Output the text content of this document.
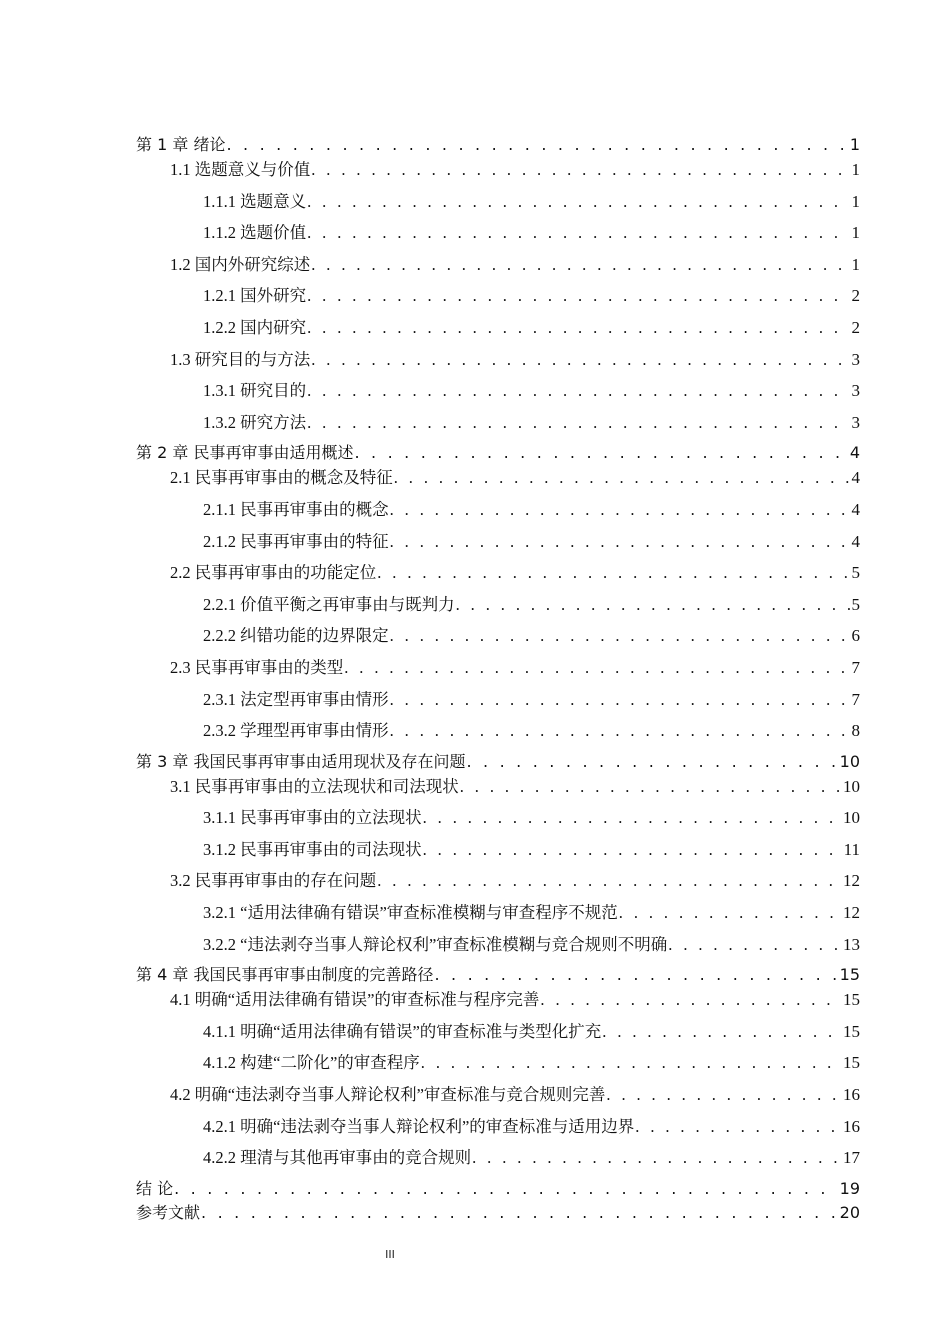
第 1 章 绪论 . . .	1
1.1 选题意义与价值 . . .	1
1.1.1 选题意义 . . .	1
1.1.2 选题价值 . . .	1
1.2 国内外研究综述 . . .	1
1.2.1 国外研究 . . .	2
1.2.2 国内研究 . . .	2
1.3 研究目的与方法 . . .	3
1.3.1 研究目的 . . .	3
1.3.2 研究方法 . . .	3
第 2 章 民事再审事由适用概述 . . .	4
2.1 民事再审事由的概念及特征 . . .	4
2.1.1 民事再审事由的概念 . . .	4
2.1.2 民事再审事由的特征 . . .	4
2.2 民事再审事由的功能定位 . . .	5
2.2.1 价值平衡之再审事由与既判力 . . .	5
2.2.2 纠错功能的边界限定 . . .	6
2.3 民事再审事由的类型 . . .	7
2.3.1 法定型再审事由情形 . . .	7
2.3.2 学理型再审事由情形 . . .	8
第 3 章 我国民事再审事由适用现状及存在问题 . . .	10
3.1 民事再审事由的立法现状和司法现状 . . .	10
3.1.1 民事再审事由的立法现状 . . .	10
3.1.2 民事再审事由的司法现状 . . .	11
3.2 民事再审事由的存在问题 . . .	12
3.2.1 “适用法律确有错误”审查标准模糊与审查程序不规范 . . .	12
3.2.2 “违法剥夺当事人辩论权利”审查标准模糊与竞合规则不明确 . . .	13
第 4 章 我国民事再审事由制度的完善路径 . . .	15
4.1 明确“适用法律确有错误”的审查标准与程序完善 . . .	15
4.1.1 明确“适用法律确有错误”的审查标准与类型化扩充 . . .	15
4.1.2 构建“二阶化”的审查程序 . . .	15
4.2 明确“违法剥夺当事人辩论权利”审查标准与竞合规则完善 . . .	16
4.2.1 明确“违法剥夺当事人辩论权利”的审查标准与适用边界 . . .	16
4.2.2 理清与其他再审事由的竞合规则 . . .	17
结 论 . . .	19
参考文献 . . .	20
III
